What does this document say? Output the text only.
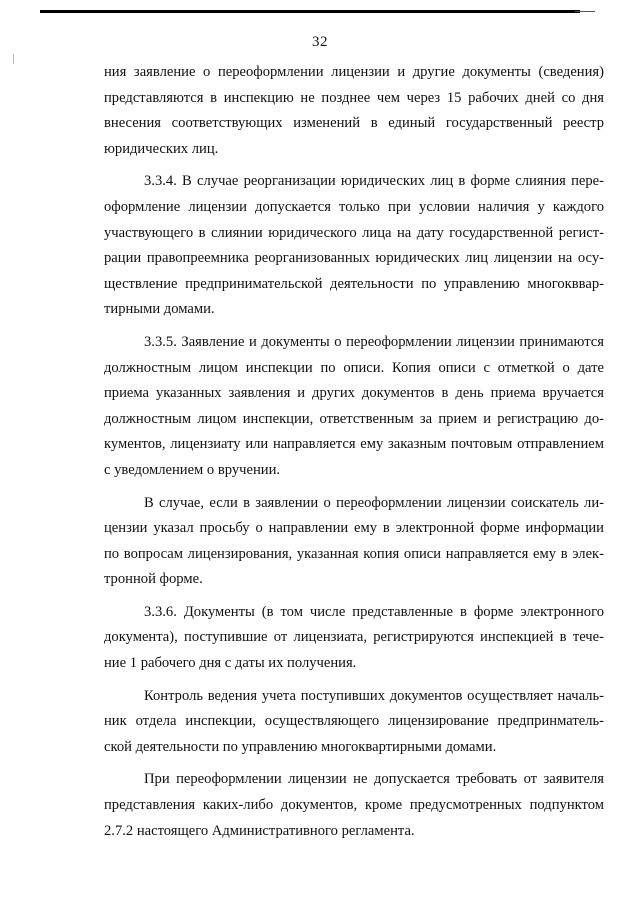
32
ния заявление о переоформлении лицензии и другие документы (сведения)
представляются в инспекцию не позднее чем через 15 рабочих дней со дня
внесения соответствующих изменений в единый государственный реестр
юридических лиц.
3.3.4. В случае реорганизации юридических лиц в форме слияния пере-
оформление лицензии допускается только при условии наличия у каждого
участвующего в слиянии юридического лица на дату государственной регист-
рации правопреемника реорганизованных юридических лиц лицензии на осу-
ществление предпринимательской деятельности по управлению многокввар-
тирными домами.
3.3.5. Заявление и документы о переоформлении лицензии принимаются
должностным лицом инспекции по описи. Копия описи с отметкой о дате
приема указанных заявления и других документов в день приема вручается
должностным лицом инспекции, ответственным за прием и регистрацию до-
кументов, лицензиату или направляется ему заказным почтовым отправлением
с уведомлением о вручении.
В случае, если в заявлении о переоформлении лицензии соискатель ли-
цензии указал просьбу о направлении ему в электронной форме информации
по вопросам лицензирования, указанная копия описи направляется ему в элек-
тронной форме.
3.3.6. Документы (в том числе представленные в форме электронного
документа), поступившие от лицензиата, регистрируются инспекцией в тече-
ние 1 рабочего дня с даты их получения.
Контроль ведения учета поступивших документов осуществляет началь-
ник отдела инспекции, осуществляющего лицензирование предпринматель-
ской деятельности по управлению многоквартирными домами.
При переоформлении лицензии не допускается требовать от заявителя
представления каких-либо документов, кроме предусмотренных подпунктом
2.7.2 настоящего Административного регламента.
